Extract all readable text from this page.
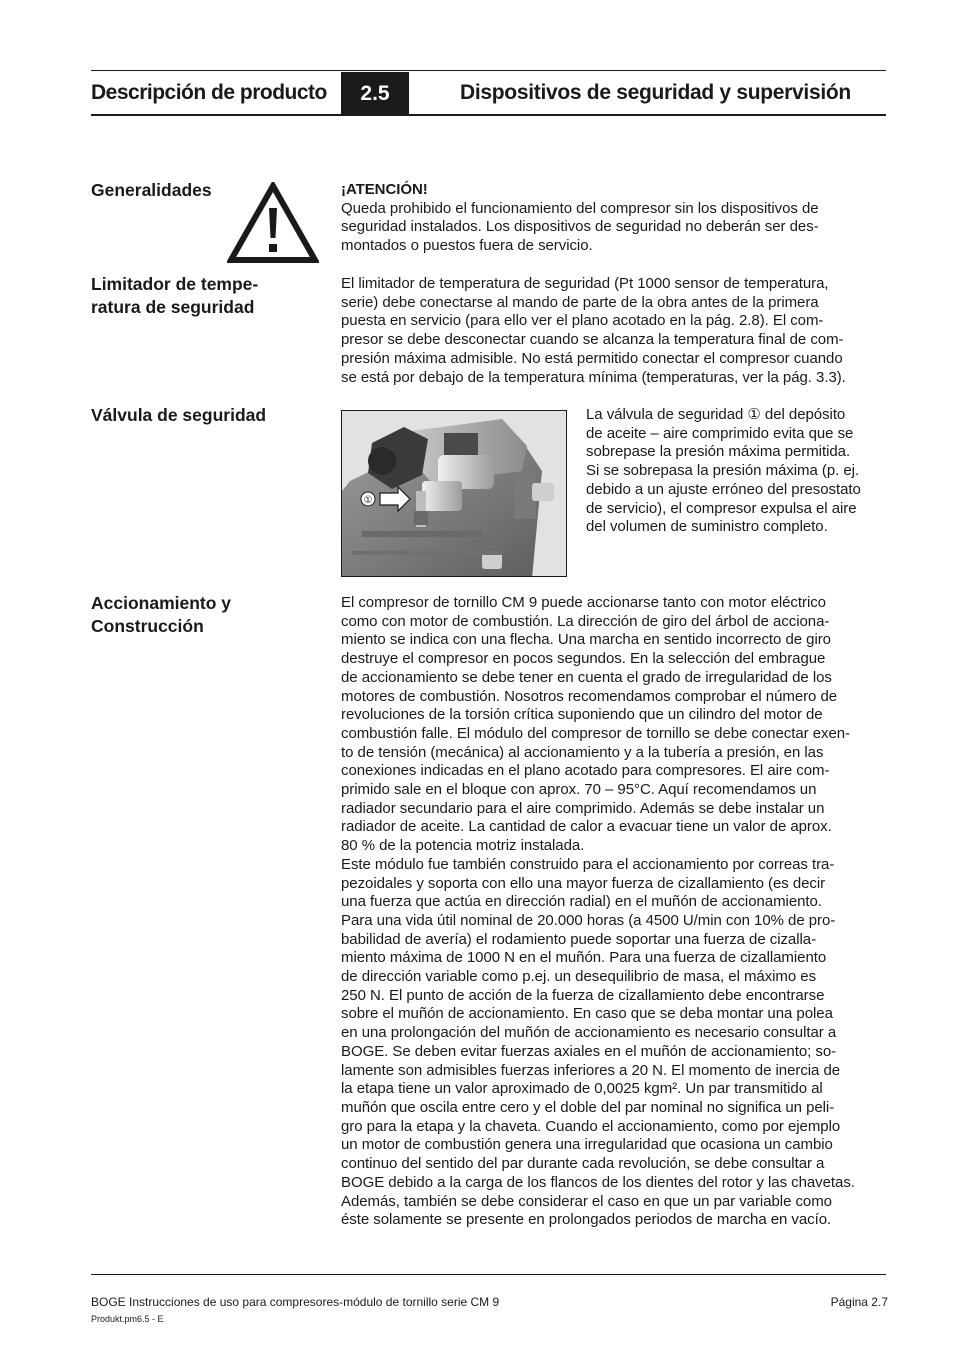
Descripción de producto	2.5	Dispositivos de seguridad y supervisión
Generalidades	¡ATENCIÓN!

Queda prohibido el funcionamiento del compresor sin los dispositivos de

seguridad instalados. Los dispositivos de seguridad no deberán ser des-

montados o puestos fuera de servicio.

Limitador de tempe-
ratura de seguridad

El limitador de temperatura de seguridad (Pt 1000 sensor de temperatura,

serie) debe conectarse al mando de parte de la obra antes de la primera

puesta en servicio (para ello ver el plano acotado en la pág. 2.8). El com-

presor se debe desconectar cuando se alcanza la temperatura final de com-

presión máxima admisible. No está permitido conectar el compresor cuando

se está por debajo de la temperatura mínima (temperaturas, ver la pág. 3.3).

Válvula de seguridad
①

La válvula de seguridad ① del depósito

de aceite – aire comprimido evita que se

sobrepase la presión máxima permitida.

Si se sobrepasa la presión máxima (p. ej.

debido a un ajuste erróneo del presostato

de servicio), el compresor expulsa el aire

del volumen de suministro completo.

Accionamiento y
Construcción

El compresor de tornillo CM 9 puede accionarse tanto con motor eléctrico

como con motor de combustión. La dirección de giro del árbol de acciona-

miento se indica con una flecha. Una marcha en sentido incorrecto de giro

destruye el compresor en pocos segundos. En la selección del embrague

de accionamiento se debe tener en cuenta el grado de irregularidad de los

motores de combustión. Nosotros recomendamos comprobar el número de

revoluciones de la torsión crítica suponiendo que un cilindro del motor de

combustión falle. El módulo del compresor de tornillo se debe conectar exen-

to de tensión (mecánica) al accionamiento y a la tubería a presión, en las

conexiones indicadas en el plano acotado para compresores. El aire com-

primido sale en el bloque con aprox. 70 – 95°C. Aquí recomendamos un

radiador secundario para el aire comprimido. Además se debe instalar un

radiador de aceite. La cantidad de calor a evacuar tiene un valor de aprox.

80 % de la potencia motriz instalada.

Este módulo fue también construido para el accionamiento por correas tra-

pezoidales y soporta con ello una mayor fuerza de cizallamiento (es decir

una fuerza que actúa en dirección radial) en el muñón de accionamiento.

Para una vida útil nominal de 20.000 horas (a 4500 U/min con 10% de pro-

babilidad de avería) el rodamiento puede soportar una fuerza de cizalla-

miento máxima de 1000 N en el muñón. Para una fuerza de cizallamiento

de dirección variable como p.ej. un desequilibrio de masa, el máximo es

250 N. El punto de acción de la fuerza de cizallamiento debe encontrarse

sobre el muñón de accionamiento. En caso que se deba montar una polea

en una prolongación del muñón de accionamiento es necesario consultar a

BOGE. Se deben evitar fuerzas axiales en el muñón de accionamiento; so-

lamente son admisibles fuerzas inferiores a 20 N. El momento de inercia de

la etapa tiene un valor aproximado de 0,0025 kgm². Un par transmitido al

muñón que oscila entre cero y el doble del par nominal no significa un peli-

gro para la etapa y la chaveta. Cuando el accionamiento, como por ejemplo

un motor de combustión genera una irregularidad que ocasiona un cambio

continuo del sentido del par durante cada revolución, se debe consultar a

BOGE debido a la carga de los flancos de los dientes del rotor y las chavetas.

Además, también se debe considerar el caso en que un par variable como

éste solamente se presente en prolongados periodos de marcha en vacío.

BOGE Instrucciones de uso para compresores-módulo de tornillo serie CM 9	Página 2.7
Produkt.pm6.5 - E
